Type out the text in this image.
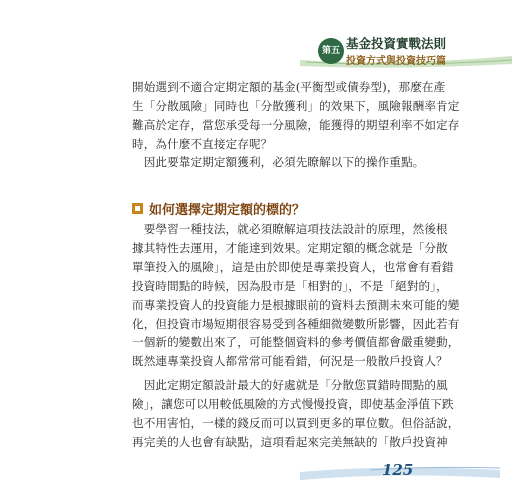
第五章
基金投資實戰法則
投資方式與投資技巧篇
開始選到不適合定期定額的基金(平衡型或債券型)，那麼在產
生「分散風險」同時也「分散獲利」的效果下，風險報酬率肯定
難高於定存，當您承受每一分風險，能獲得的期望利率不如定存
時，為什麼不直接定存呢？
　因此要靠定期定額獲利，必須先瞭解以下的操作重點。
如何選擇定期定額的標的？
　要學習一種技法，就必須瞭解這項技法設計的原理，然後根
據其特性去運用，才能達到效果。定期定額的概念就是「分散
單筆投入的風險」，這是由於即使是專業投資人，也常會有看錯
投資時間點的時候，因為股市是「相對的」，不是「絕對的」，
而專業投資人的投資能力是根據眼前的資料去預測未來可能的變
化，但投資市場短期很容易受到各種細微變數所影響，因此若有
一個新的變數出來了，可能整個資料的參考價值都會嚴重變動，
既然連專業投資人都常常可能看錯，何況是一般散戶投資人？
　因此定期定額設計最大的好處就是「分散您買錯時間點的風
險」，讓您可以用較低風險的方式慢慢投資，即使基金淨值下跌
也不用害怕，一樣的錢反而可以買到更多的單位數。但俗話說，
再完美的人也會有缺點，這項看起來完美無缺的「散戶投資神
125
